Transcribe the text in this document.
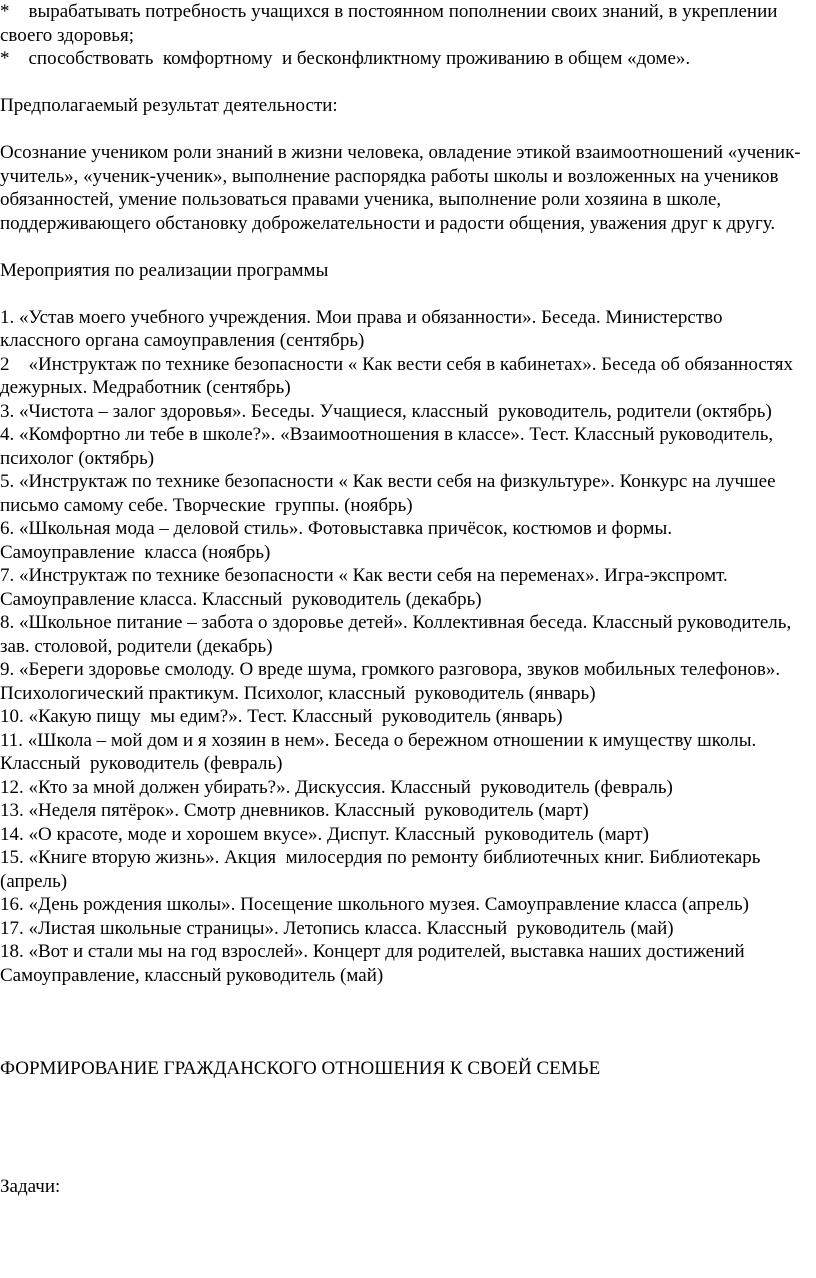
*    вырабатывать потребность учащихся в постоянном пополнении своих знаний, в укреплении своего здоровья;

*    способствовать  комфортному  и бесконфликтному проживанию в общем «доме».

Предполагаемый результат деятельности:

Осознание учеником роли знаний в жизни человека, овладение этикой взаимоотношений «ученик-учитель», «ученик-ученик», выполнение распорядка работы школы и возложенных на учеников обязанностей, умение пользоваться правами ученика, выполнение роли хозяина в школе, поддерживающего обстановку доброжелательности и радости общения, уважения друг к другу.

Мероприятия по реализации программы

1. «Устав моего учебного учреждения. Мои права и обязанности». Беседа. Министерство классного органа самоуправления (сентябрь)

2    «Инструктаж по технике безопасности « Как вести себя в кабинетах». Беседа об обязанностях дежурных. Медработник (сентябрь)

3. «Чистота – залог здоровья». Беседы. Учащиеся, классный  руководитель, родители (октябрь)

4. «Комфортно ли тебе в школе?». «Взаимоотношения в классе». Тест. Классный руководитель, психолог (октябрь)

5. «Инструктаж по технике безопасности « Как вести себя на физкультуре». Конкурс на лучшее письмо самому себе. Творческие  группы. (ноябрь)

6. «Школьная мода – деловой стиль». Фотовыставка причёсок, костюмов и формы. Самоуправление  класса (ноябрь)

7. «Инструктаж по технике безопасности « Как вести себя на переменах». Игра-экспромт. Самоуправление класса. Классный  руководитель (декабрь)

8. «Школьное питание – забота о здоровье детей». Коллективная беседа. Классный руководитель, зав. столовой, родители (декабрь)

9. «Береги здоровье смолоду. О вреде шума, громкого разговора, звуков мобильных телефонов». Психологический практикум. Психолог, классный  руководитель (январь)

10. «Какую пищу  мы едим?». Тест. Классный  руководитель (январь)

11. «Школа – мой дом и я хозяин в нем». Беседа о бережном отношении к имуществу школы. Классный  руководитель (февраль)

12. «Кто за мной должен убирать?». Дискуссия. Классный  руководитель (февраль)

13. «Неделя пятёрок». Смотр дневников. Классный  руководитель (март)

14. «О красоте, моде и хорошем вкусе». Диспут. Классный  руководитель (март)

15. «Книге вторую жизнь». Акция  милосердия по ремонту библиотечных книг. Библиотекарь (апрель)

16. «День рождения школы». Посещение школьного музея. Самоуправление класса (апрель)

17. «Листая школьные страницы». Летопись класса. Классный  руководитель (май)

18. «Вот и стали мы на год взрослей». Концерт для родителей, выставка наших достижений Самоуправление, классный руководитель (май)

ФОРМИРОВАНИЕ ГРАЖДАНСКОГО ОТНОШЕНИЯ К СВОЕЙ СЕМЬЕ

Задачи:
